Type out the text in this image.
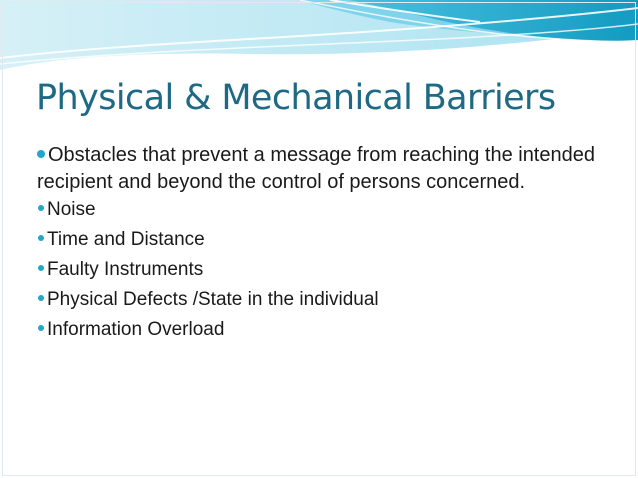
Physical & Mechanical Barriers

Obstacles that prevent a message from reaching the intended recipient and beyond the control of persons concerned.

Noise
Time and Distance
Faulty Instruments
Physical Defects /State in the individual
Information Overload
